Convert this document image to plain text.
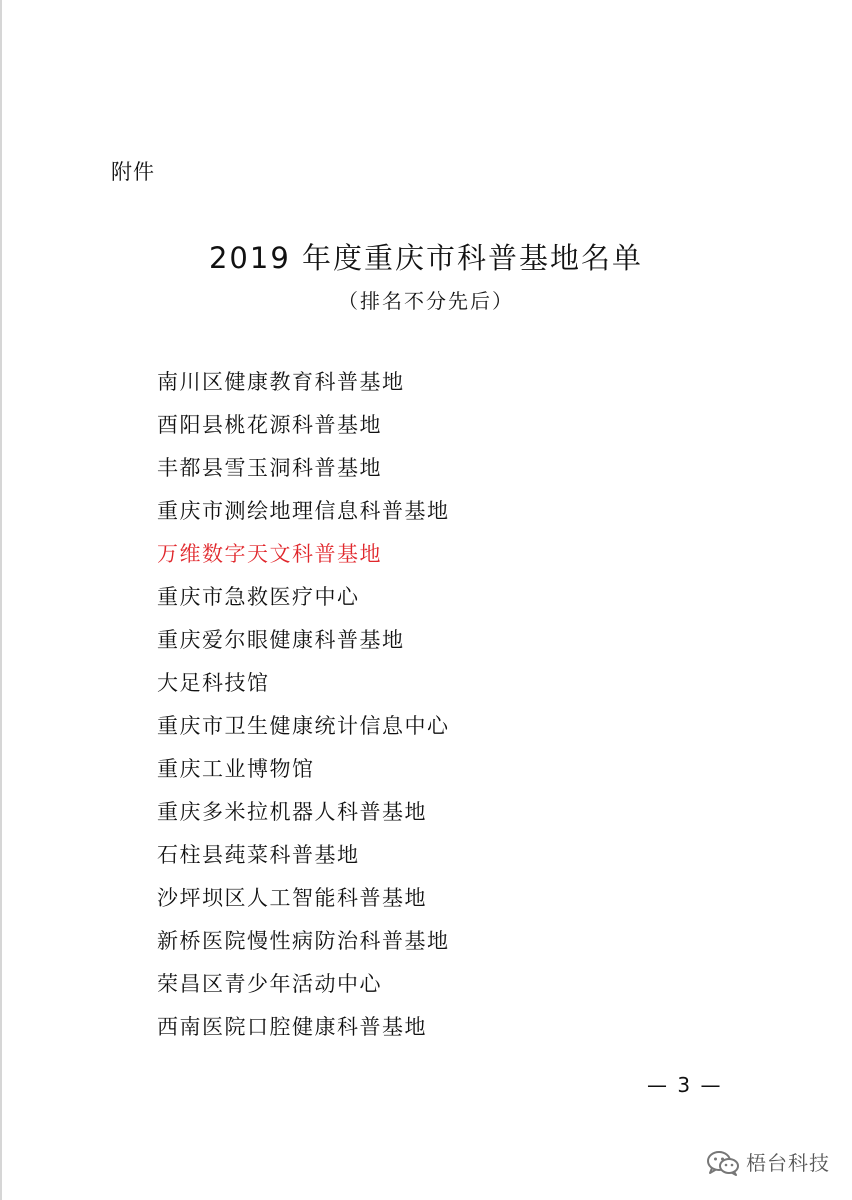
附件
2019 年度重庆市科普基地名单
（排名不分先后）
南川区健康教育科普基地
酉阳县桃花源科普基地
丰都县雪玉洞科普基地
重庆市测绘地理信息科普基地
万维数字天文科普基地
重庆市急救医疗中心
重庆爱尔眼健康科普基地
大足科技馆
重庆市卫生健康统计信息中心
重庆工业博物馆
重庆多米拉机器人科普基地
石柱县莼菜科普基地
沙坪坝区人工智能科普基地
新桥医院慢性病防治科普基地
荣昌区青少年活动中心
西南医院口腔健康科普基地
— 3 —
梧台科技
